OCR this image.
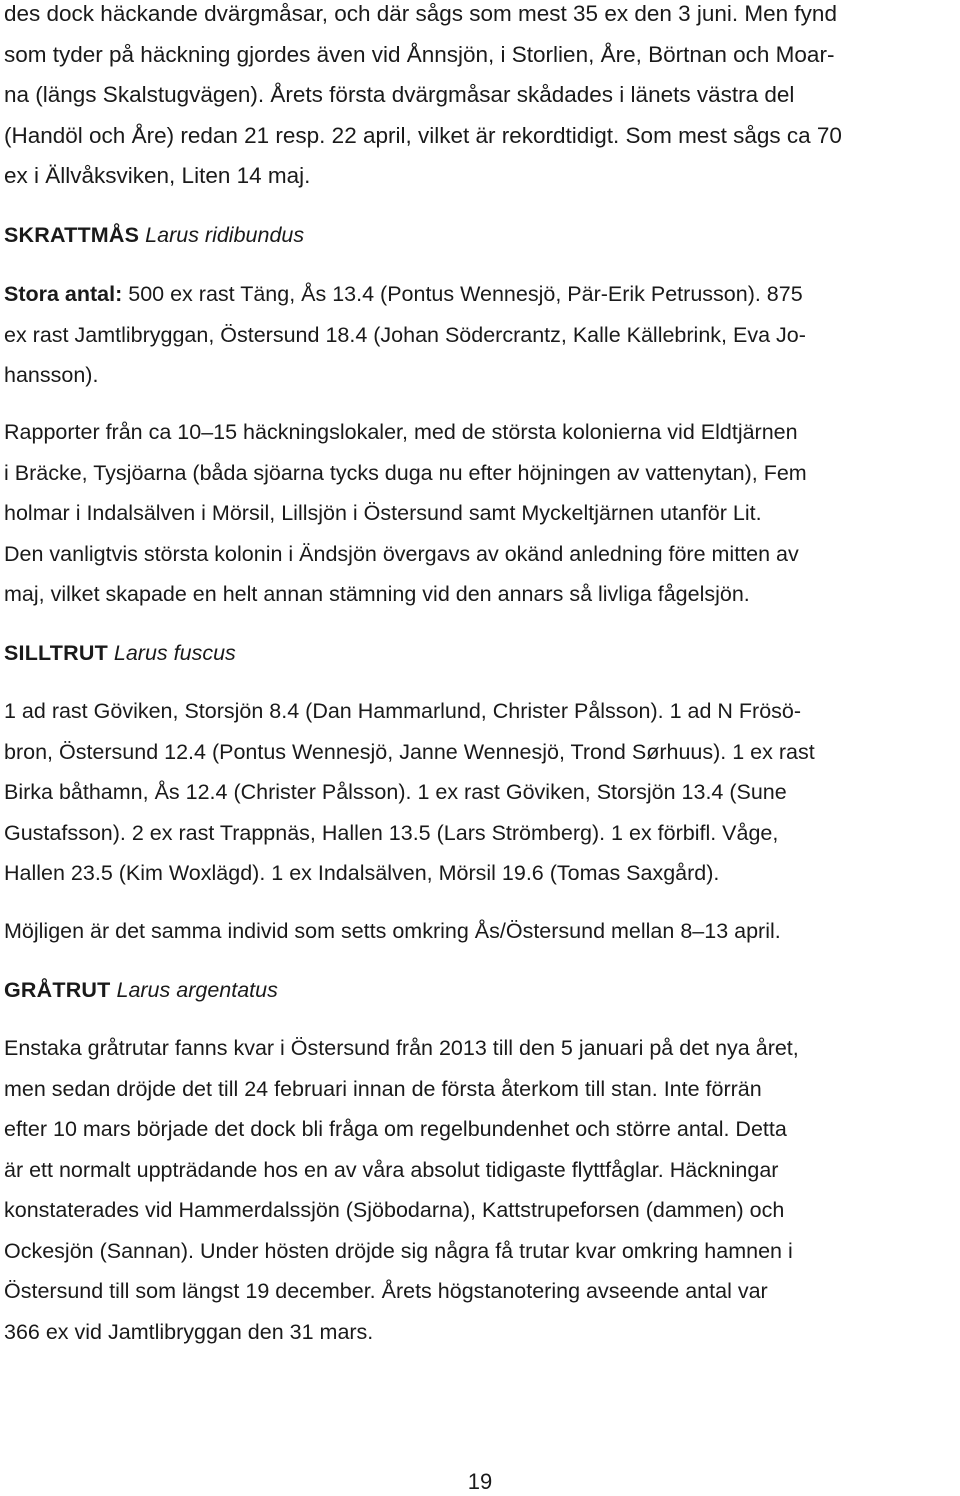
des dock häckande dvärgmåsar, och där sågs som mest 35 ex den 3 juni. Men fynd
som tyder på häckning gjordes även vid Ånnsjön, i Storlien, Åre, Börtnan och Moar-
na (längs Skalstugvägen). Årets första dvärgmåsar skådades i länets västra del
(Handöl och Åre) redan 21 resp. 22 april, vilket är rekordtidigt. Som mest sågs ca 70
ex i Ällvåksviken, Liten 14 maj.
SKRATTMÅS Larus ridibundus
Stora antal: 500 ex rast Täng, Ås 13.4 (Pontus Wennesjö, Pär-Erik Petrusson). 875
ex rast Jamtlibryggan, Östersund 18.4 (Johan Södercrantz, Kalle Källebrink, Eva Jo-
hansson).
Rapporter från ca 10–15 häckningslokaler, med de största kolonierna vid Eldtjärnen
i Bräcke, Tysjöarna (båda sjöarna tycks duga nu efter höjningen av vattenytan), Fem
holmar i Indalsälven i Mörsil, Lillsjön i Östersund samt Myckeltjärnen utanför Lit.
Den vanligtvis största kolonin i Ändsjön övergavs av okänd anledning före mitten av
maj, vilket skapade en helt annan stämning vid den annars så livliga fågelsjön.
SILLTRUT Larus fuscus
1 ad rast Göviken, Storsjön 8.4 (Dan Hammarlund, Christer Pålsson). 1 ad N Frösö-
bron, Östersund 12.4 (Pontus Wennesjö, Janne Wennesjö, Trond Sørhuus). 1 ex rast
Birka båthamn, Ås 12.4 (Christer Pålsson). 1 ex rast Göviken, Storsjön 13.4 (Sune
Gustafsson). 2 ex rast Trappnäs, Hallen 13.5 (Lars Strömberg). 1 ex förbifl. Våge,
Hallen 23.5 (Kim Woxlägd). 1 ex Indalsälven, Mörsil 19.6 (Tomas Saxgård).
Möjligen är det samma individ som setts omkring Ås/Östersund mellan 8–13 april.
GRÅTRUT Larus argentatus
Enstaka gråtrutar fanns kvar i Östersund från 2013 till den 5 januari på det nya året,
men sedan dröjde det till 24 februari innan de första återkom till stan. Inte förrän
efter 10 mars började det dock bli fråga om regelbundenhet och större antal. Detta
är ett normalt uppträdande hos en av våra absolut tidigaste flyttfåglar. Häckningar
konstaterades vid Hammerdalssjön (Sjöbodarna), Kattstrupeforsen (dammen) och
Ockesjön (Sannan). Under hösten dröjde sig några få trutar kvar omkring hamnen i
Östersund till som längst 19 december. Årets högstanotering avseende antal var
366 ex vid Jamtlibryggan den 31 mars.
19
